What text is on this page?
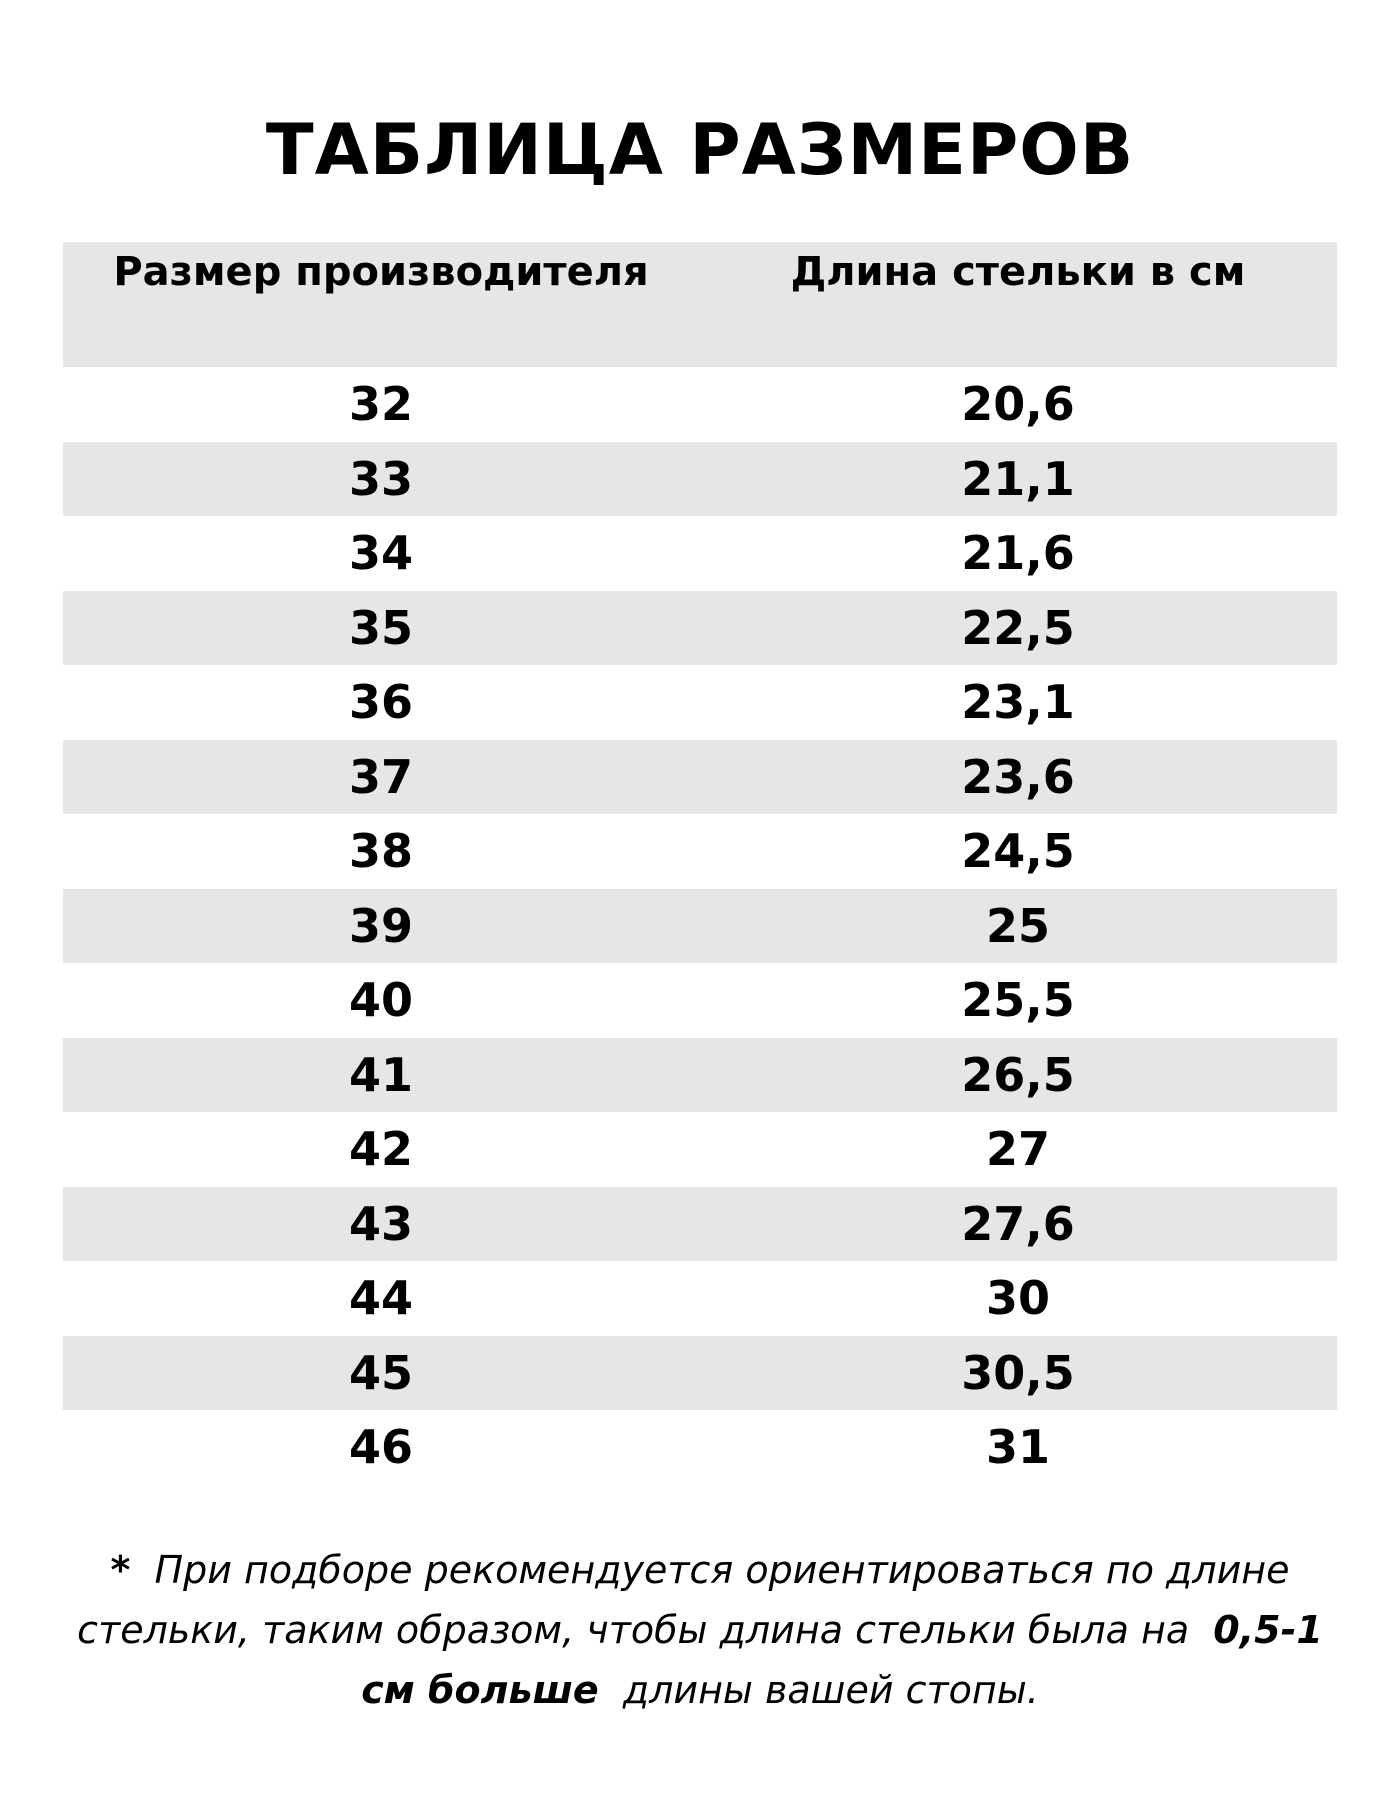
ТАБЛИЦА РАЗМЕРОВ
Размер производителя	Длина стельки в см
32	20,6
33	21,1
34	21,6
35	22,5
36	23,1
37	23,6
38	24,5
39	25
40	25,5
41	26,5
42	27
43	27,6
44	30
45	30,5
46	31

* При подборе рекомендуется ориентироваться по длине стельки, таким образом, чтобы длина стельки была на 0,5-1 см больше длины вашей стопы.
